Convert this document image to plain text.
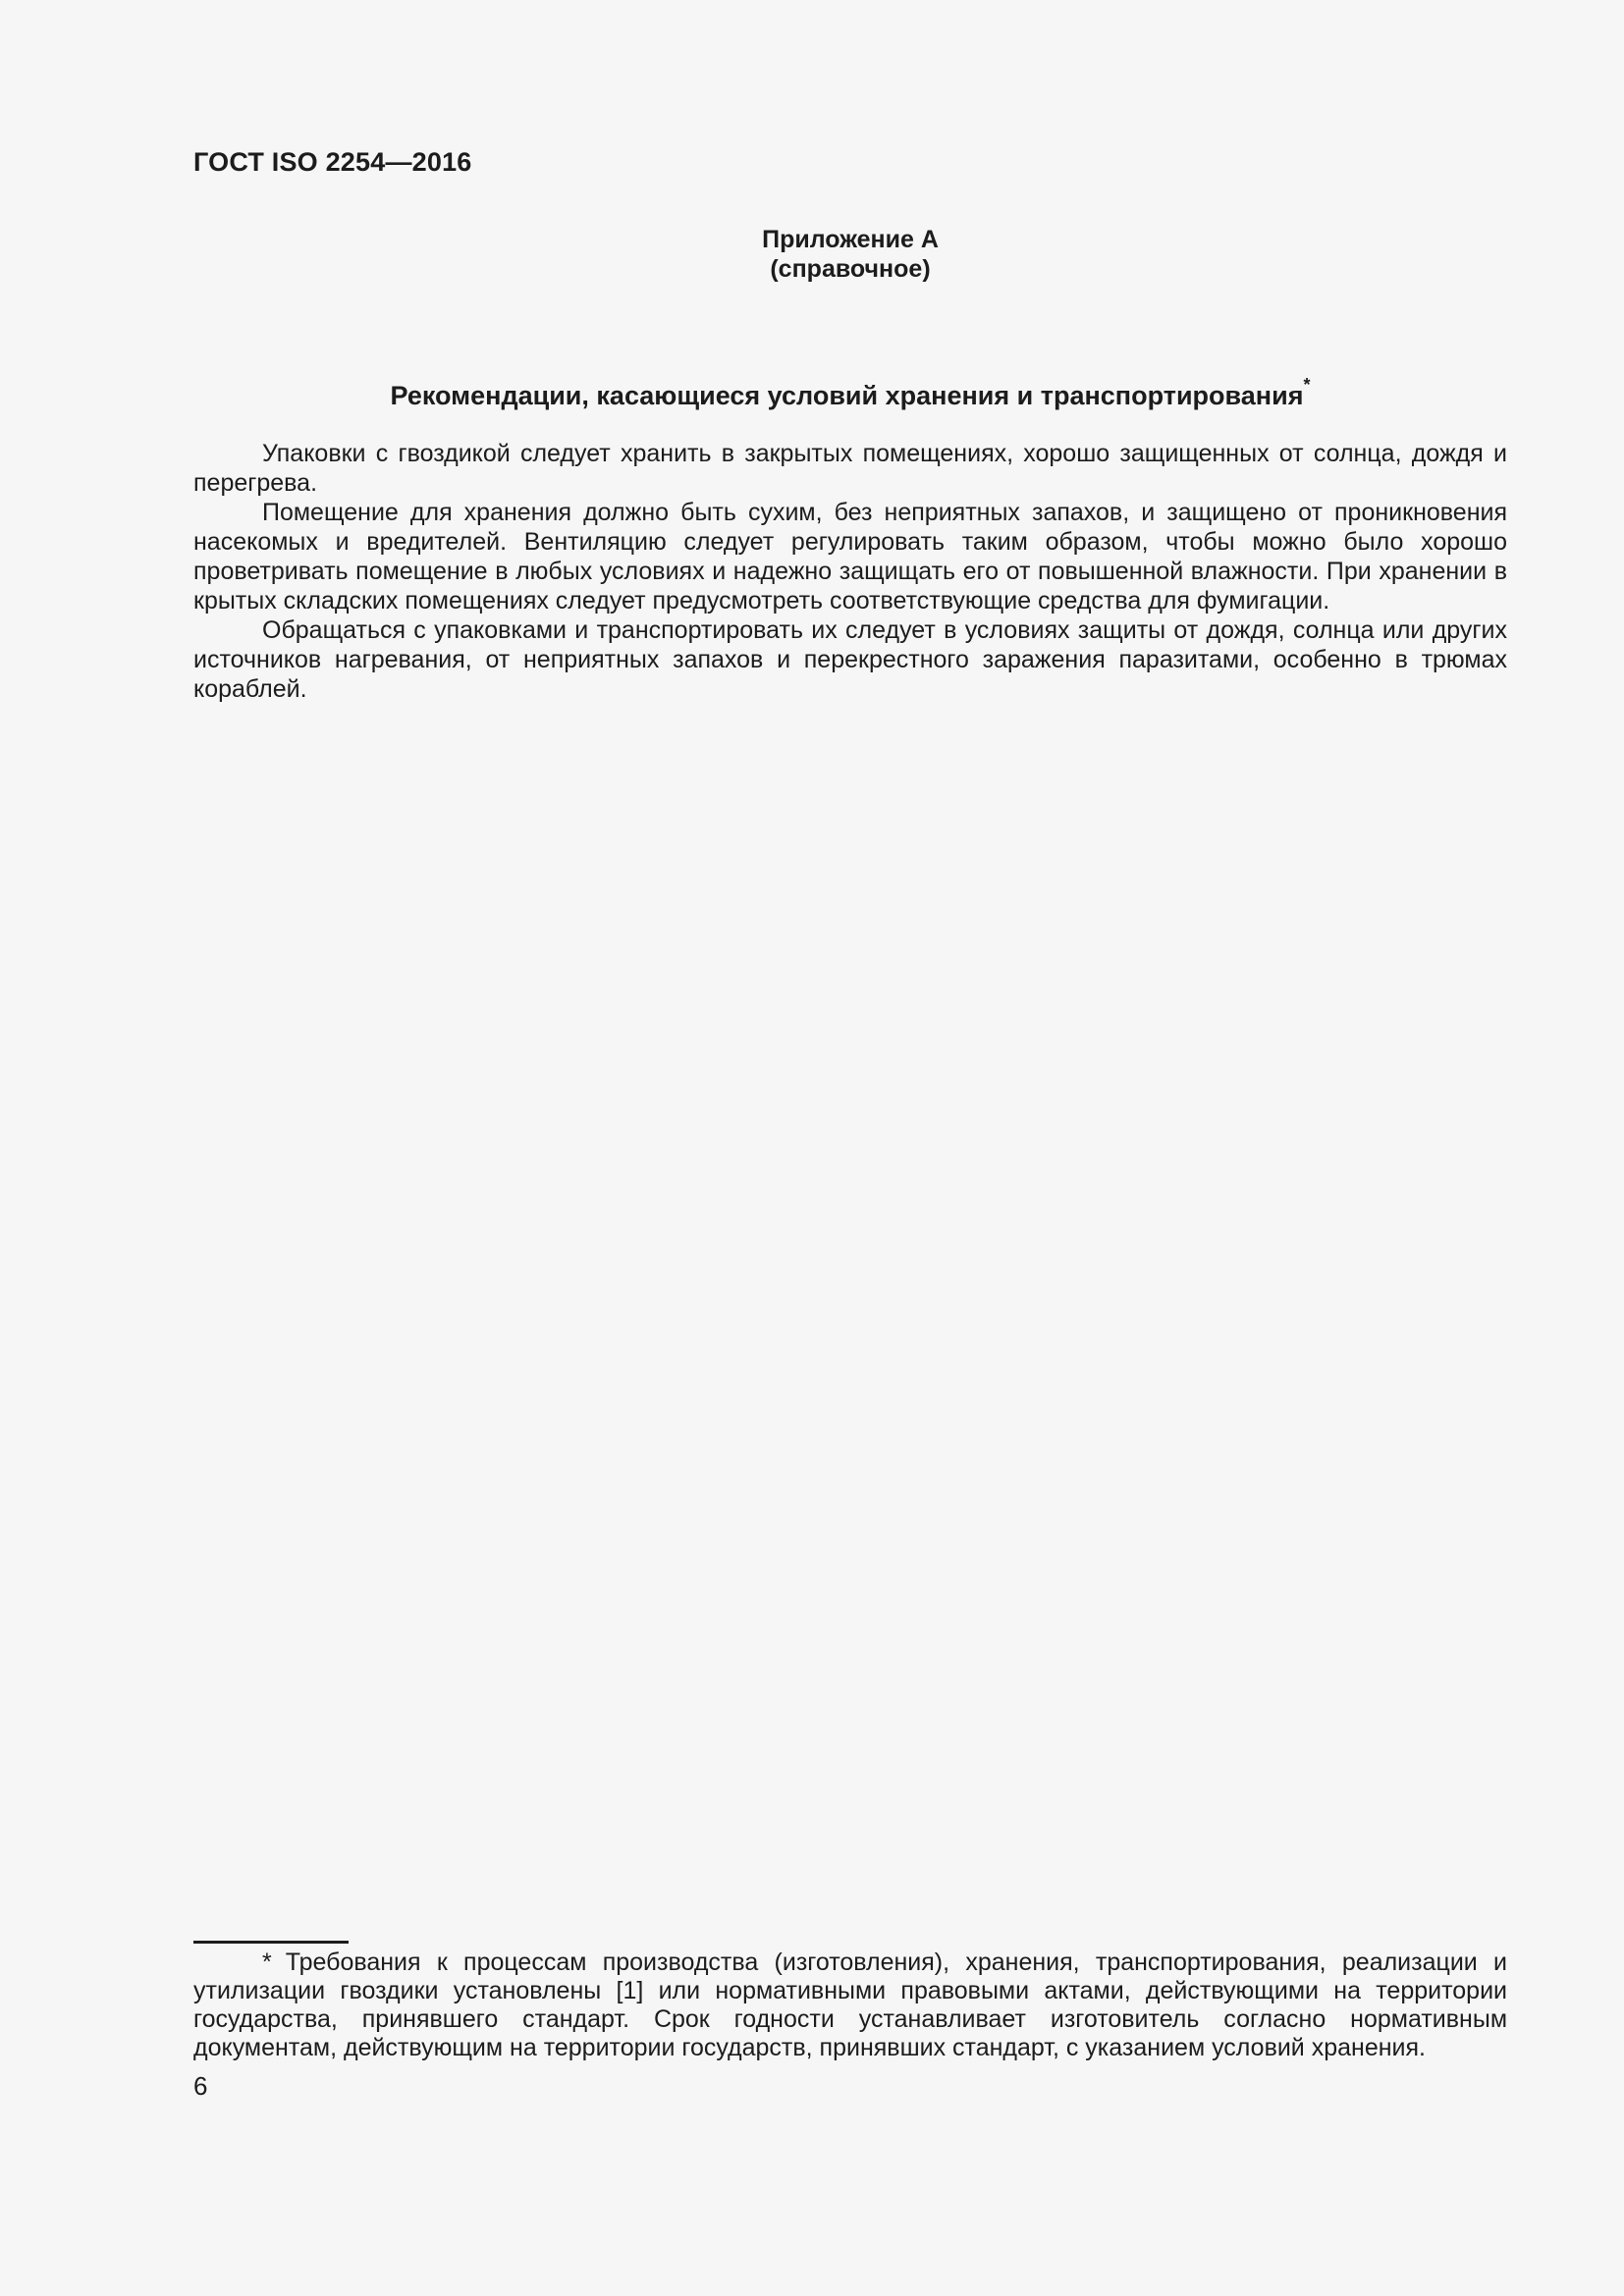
ГОСТ ISO 2254—2016
Приложение А
(справочное)
Рекомендации, касающиеся условий хранения и транспортирования*

Упаковки с гвоздикой следует хранить в закрытых помещениях, хорошо защищенных от солнца, дождя и перегрева.

Помещение для хранения должно быть сухим, без неприятных запахов, и защищено от проникновения насекомых и вредителей. Вентиляцию следует регулировать таким образом, чтобы можно было хорошо проветривать помещение в любых условиях и надежно защищать его от повышенной влажности. При хранении в крытых складских помещениях следует предусмотреть соответствующие средства для фумигации.

Обращаться с упаковками и транспортировать их следует в условиях защиты от дождя, солнца или других источников нагревания, от неприятных запахов и перекрестного заражения паразитами, особенно в трюмах кораблей.

* Требования к процессам производства (изготовления), хранения, транспортирования, реализации и утилизации гвоздики установлены [1] или нормативными правовыми актами, действующими на территории государства, принявшего стандарт. Срок годности устанавливает изготовитель согласно нормативным документам, действующим на территории государств, принявших стандарт, с указанием условий хранения.

6
